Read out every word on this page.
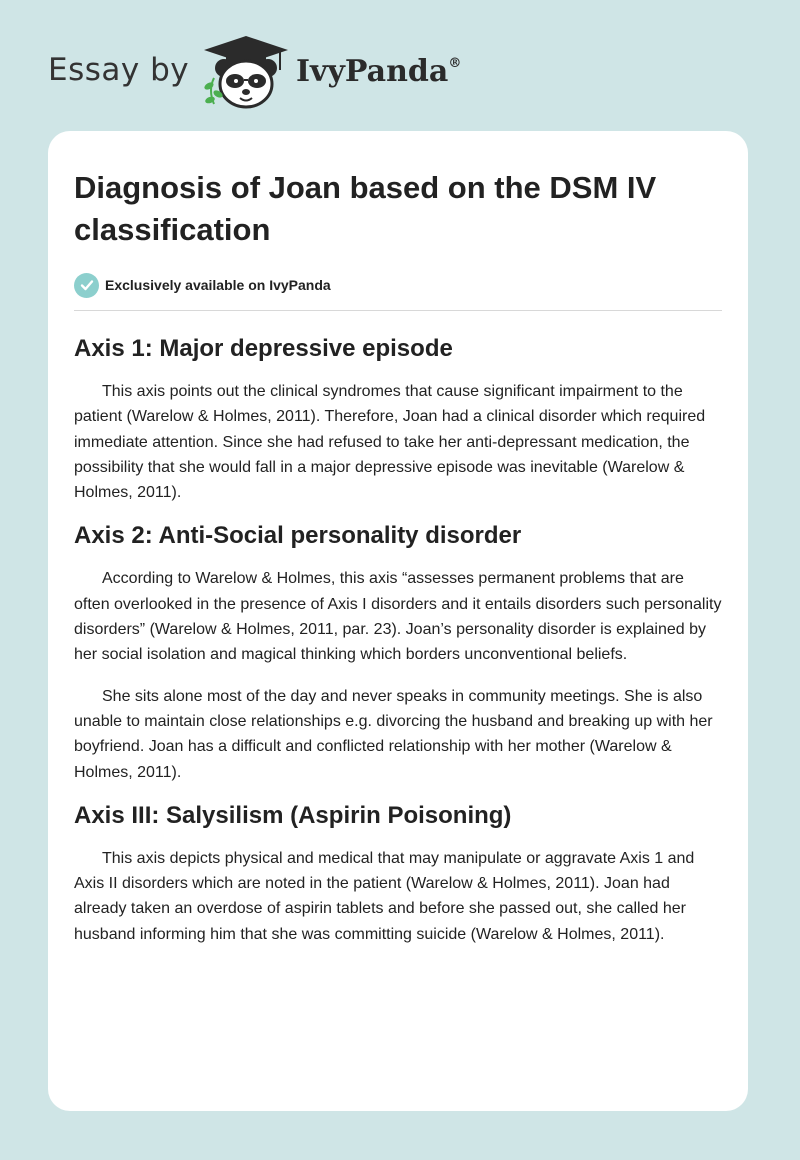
Essay by	IvyPanda®
Diagnosis of Joan based on the DSM IV classification
Exclusively available on IvyPanda
Axis 1: Major depressive episode

This axis points out the clinical syndromes that cause significant impairment to the patient (Warelow & Holmes, 2011). Therefore, Joan had a clinical disorder which required immediate attention. Since she had refused to take her anti-depressant medication, the possibility that she would fall in a major depressive episode was inevitable (Warelow & Holmes, 2011).

Axis 2: Anti-Social personality disorder

According to Warelow & Holmes, this axis “assesses permanent problems that are often overlooked in the presence of Axis I disorders and it entails disorders such personality disorders” (Warelow & Holmes, 2011, par. 23). Joan’s personality disorder is explained by her social isolation and magical thinking which borders unconventional beliefs.

She sits alone most of the day and never speaks in community meetings. She is also unable to maintain close relationships e.g. divorcing the husband and breaking up with her boyfriend. Joan has a difficult and conflicted relationship with her mother (Warelow & Holmes, 2011).

Axis III: Salysilism (Aspirin Poisoning)

This axis depicts physical and medical that may manipulate or aggravate Axis 1 and Axis II disorders which are noted in the patient (Warelow & Holmes, 2011). Joan had already taken an overdose of aspirin tablets and before she passed out, she called her husband informing him that she was committing suicide (Warelow & Holmes, 2011).
